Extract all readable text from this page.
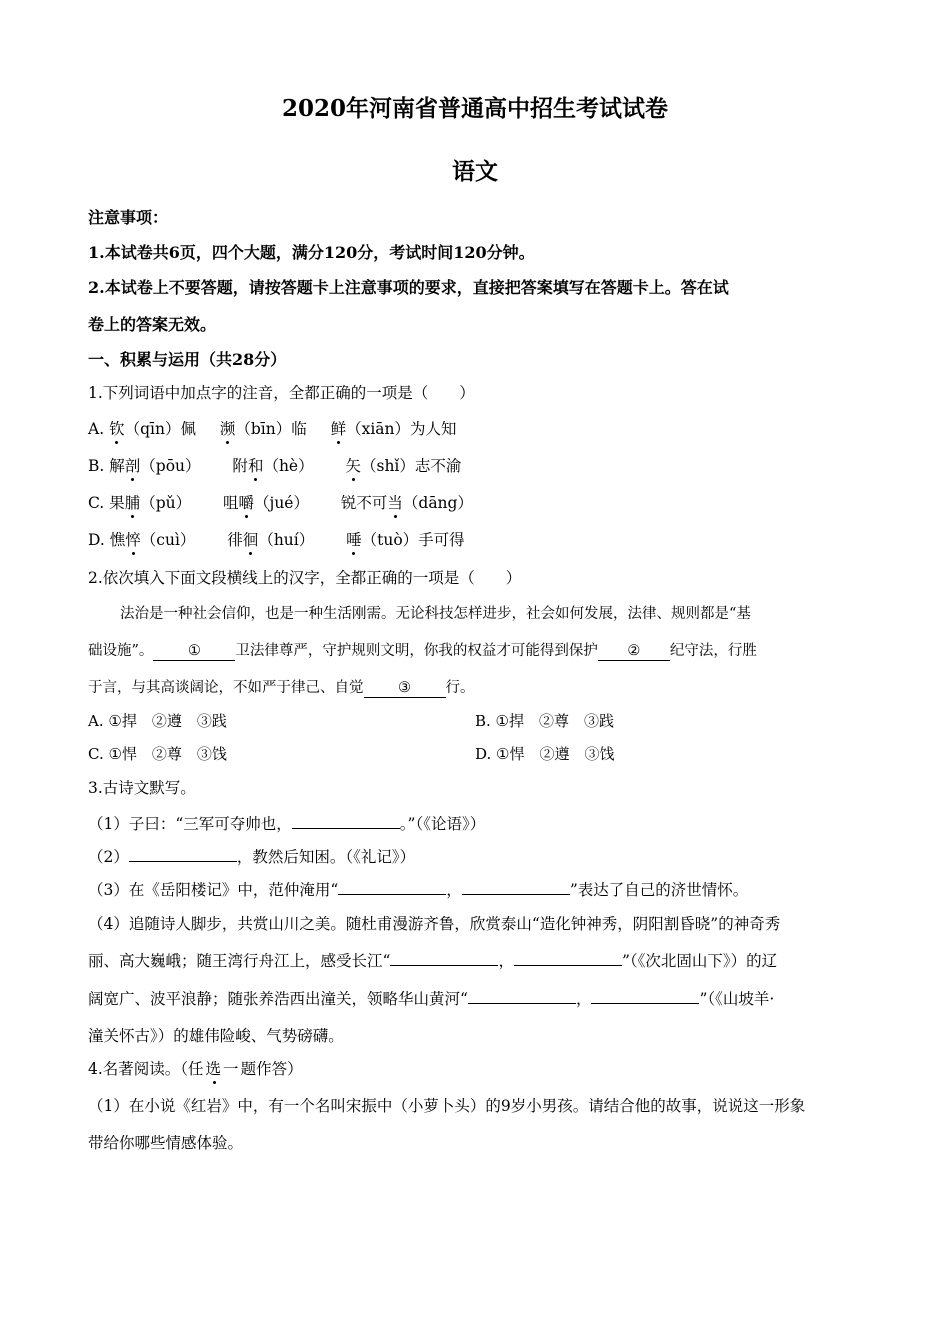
2020年河南省普通高中招生考试试卷
语文
注意事项：
1.本试卷共6页，四个大题，满分120分，考试时间120分钟。
2.本试卷上不要答题，请按答题卡上注意事项的要求，直接把答案填写在答题卡上。答在试
卷上的答案无效。
一、积累与运用（共28分）
1.下列词语中加点字的注音，全都正确的一项是（　　）
A. 钦（qīn）佩 濒（bīn）临 鲜（xiān）为人知
B. 解剖（pōu） 附和（hè） 矢（shǐ）志不渝
C. 果脯（pǔ） 咀嚼（jué） 锐不可当（dāng）
D. 憔悴（cuì） 徘徊（huí） 唾（tuò）手可得
2.依次填入下面文段横线上的汉字，全都正确的一项是（　　）
法治是一种社会信仰，也是一种生活刚需。无论科技怎样进步，社会如何发展，法律、规则都是“基
础设施”。 ① 卫法律尊严，守护规则文明，你我的权益才可能得到保护 ② 纪守法，行胜
于言，与其高谈阔论，不如严于律己、自觉 ③ 行。
A. ①捍　②遵　③践	B. ①捍　②尊　③践
C. ①悍　②尊　③饯	D. ①悍　②遵　③饯
3.古诗文默写。
（1）子曰：“三军可夺帅也，	。”（《论语》）
（2）	，教然后知困。（《礼记》）
（3）在《岳阳楼记》中，范仲淹用“	，	”表达了自己的济世情怀。
（4）追随诗人脚步，共赏山川之美。随杜甫漫游齐鲁，欣赏泰山“造化钟神秀，阴阳割昏晓”的神奇秀
丽、高大巍峨；随王湾行舟江上，感受长江“	，	”（《次北固山下》）的辽
阔宽广、波平浪静；随张养浩西出潼关，领略华山黄河“	，	”（《山坡羊·
潼关怀古》）的雄伟险峻、气势磅礴。
4.名著阅读。（任选一题作答）
（1）在小说《红岩》中，有一个名叫宋振中（小萝卜头）的9岁小男孩。请结合他的故事，说说这一形象
带给你哪些情感体验。
